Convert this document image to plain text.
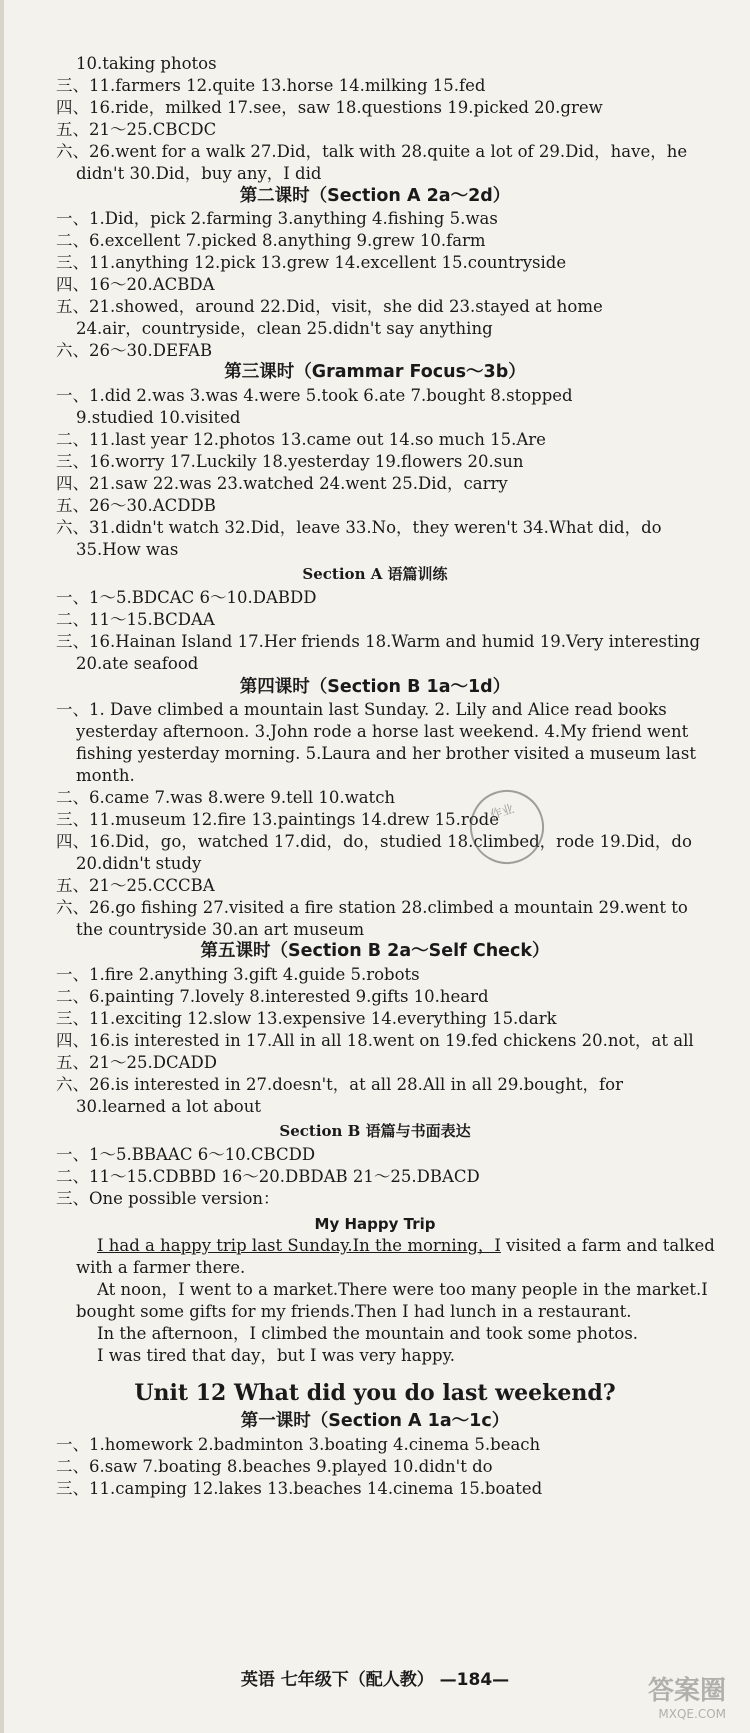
10.taking photos
三、11.farmers 12.quite 13.horse 14.milking 15.fed
四、16.ride，milked 17.see，saw 18.questions 19.picked 20.grew
五、21～25.CBCDC
六、26.went for a walk 27.Did，talk with 28.quite a lot of 29.Did，have，he
didn't 30.Did，buy any，I did
第二课时（Section A 2a～2d）
一、1.Did，pick 2.farming 3.anything 4.fishing 5.was
二、6.excellent 7.picked 8.anything 9.grew 10.farm
三、11.anything 12.pick 13.grew 14.excellent 15.countryside
四、16～20.ACBDA
五、21.showed，around 22.Did，visit，she did 23.stayed at home
24.air，countryside，clean 25.didn't say anything
六、26～30.DEFAB
第三课时（Grammar Focus～3b）
一、1.did 2.was 3.was 4.were 5.took 6.ate 7.bought 8.stopped
9.studied 10.visited
二、11.last year 12.photos 13.came out 14.so much 15.Are
三、16.worry 17.Luckily 18.yesterday 19.flowers 20.sun
四、21.saw 22.was 23.watched 24.went 25.Did，carry
五、26～30.ACDDB
六、31.didn't watch 32.Did，leave 33.No，they weren't 34.What did，do
35.How was
Section A 语篇训练
一、1～5.BDCAC 6～10.DABDD
二、11～15.BCDAA
三、16.Hainan Island 17.Her friends 18.Warm and humid 19.Very interesting
20.ate seafood
第四课时（Section B 1a～1d）
一、1. Dave climbed a mountain last Sunday. 2. Lily and Alice read books
yesterday afternoon. 3.John rode a horse last weekend. 4.My friend went
fishing yesterday morning. 5.Laura and her brother visited a museum last
month.
二、6.came 7.was 8.were 9.tell 10.watch
三、11.museum 12.fire 13.paintings 14.drew 15.rode
四、16.Did，go，watched 17.did，do，studied 18.climbed，rode 19.Did，do
20.didn't study
五、21～25.CCCBA
六、26.go fishing 27.visited a fire station 28.climbed a mountain 29.went to
the countryside 30.an art museum
第五课时（Section B 2a～Self Check）
一、1.fire 2.anything 3.gift 4.guide 5.robots
二、6.painting 7.lovely 8.interested 9.gifts 10.heard
三、11.exciting 12.slow 13.expensive 14.everything 15.dark
四、16.is interested in 17.All in all 18.went on 19.fed chickens 20.not，at all
五、21～25.DCADD
六、26.is interested in 27.doesn't，at all 28.All in all 29.bought，for
30.learned a lot about
Section B 语篇与书面表达
一、1～5.BBAAC 6～10.CBCDD
二、11～15.CDBBD 16～20.DBDAB 21～25.DBACD
三、One possible version：
My Happy Trip
I had a happy trip last Sunday.In the morning，I visited a farm and talked
with a farmer there.
At noon，I went to a market.There were too many people in the market.I
bought some gifts for my friends.Then I had lunch in a restaurant.
In the afternoon，I climbed the mountain and took some photos.
I was tired that day，but I was very happy.
Unit 12 What did you do last weekend?
第一课时（Section A 1a～1c）
一、1.homework 2.badminton 3.boating 4.cinema 5.beach
二、6.saw 7.boating 8.beaches 9.played 10.didn't do
三、11.camping 12.lakes 13.beaches 14.cinema 15.boated
作业
英语 七年级下（配人教） —184—	答案圈
MXQE.COM
